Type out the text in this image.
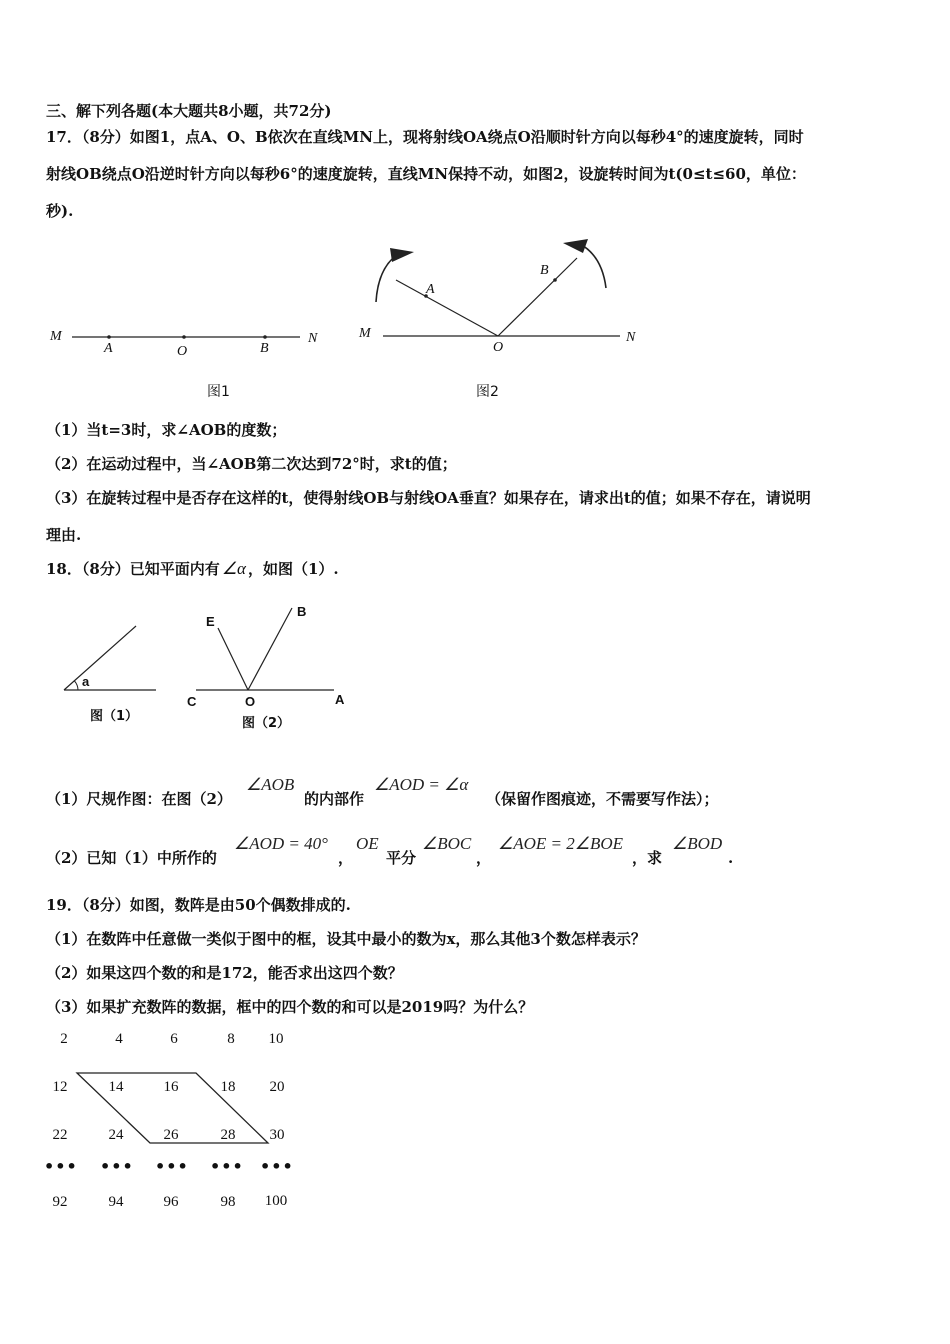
三、解下列各题(本大题共8小题，共72分)
17．（8分）如图1，点A、O、B依次在直线MN上，现将射线OA绕点O沿顺时针方向以每秒4°的速度旋转，同时
射线OB绕点O沿逆时针方向以每秒6°的速度旋转，直线MN保持不动，如图2，设旋转时间为t(0≤t≤60，单位：
秒).
M
A	O	B
N
图1
M
O
N
A
B
图2
（1）当t=3时，求∠AOB的度数；
（2）在运动过程中，当∠AOB第二次达到72°时，求t的值；
（3）在旋转过程中是否存在这样的t，使得射线OB与射线OA垂直？如果存在，请求出t的值；如果不存在，请说明
理由.
18．（8分）已知平面内有 ∠α ，如图（1）.
a
图（1）
E
B
C	O	A
图（2）
（1）尺规作图：在图（2）
∠AOB
的内部作
∠AOD = ∠α
（保留作图痕迹，不需要写作法）；
（2）已知（1）中所作的
∠AOD = 40°
，
OE
平分
∠BOC
，
∠AOE = 2∠BOE
，求
∠BOD
.
19．（8分）如图，数阵是由50个偶数排成的.
（1）在数阵中任意做一类似于图中的框，设其中最小的数为x，那么其他3个数怎样表示？
（2）如果这四个数的和是172，能否求出这四个数？
（3）如果扩充数阵的数据，框中的四个数的和可以是2019吗？为什么？
2	4	6	8	10
12	14	16	18	20
22	24	26	28	30
••• ••• ••• ••• •••
92	94	96	98	100
